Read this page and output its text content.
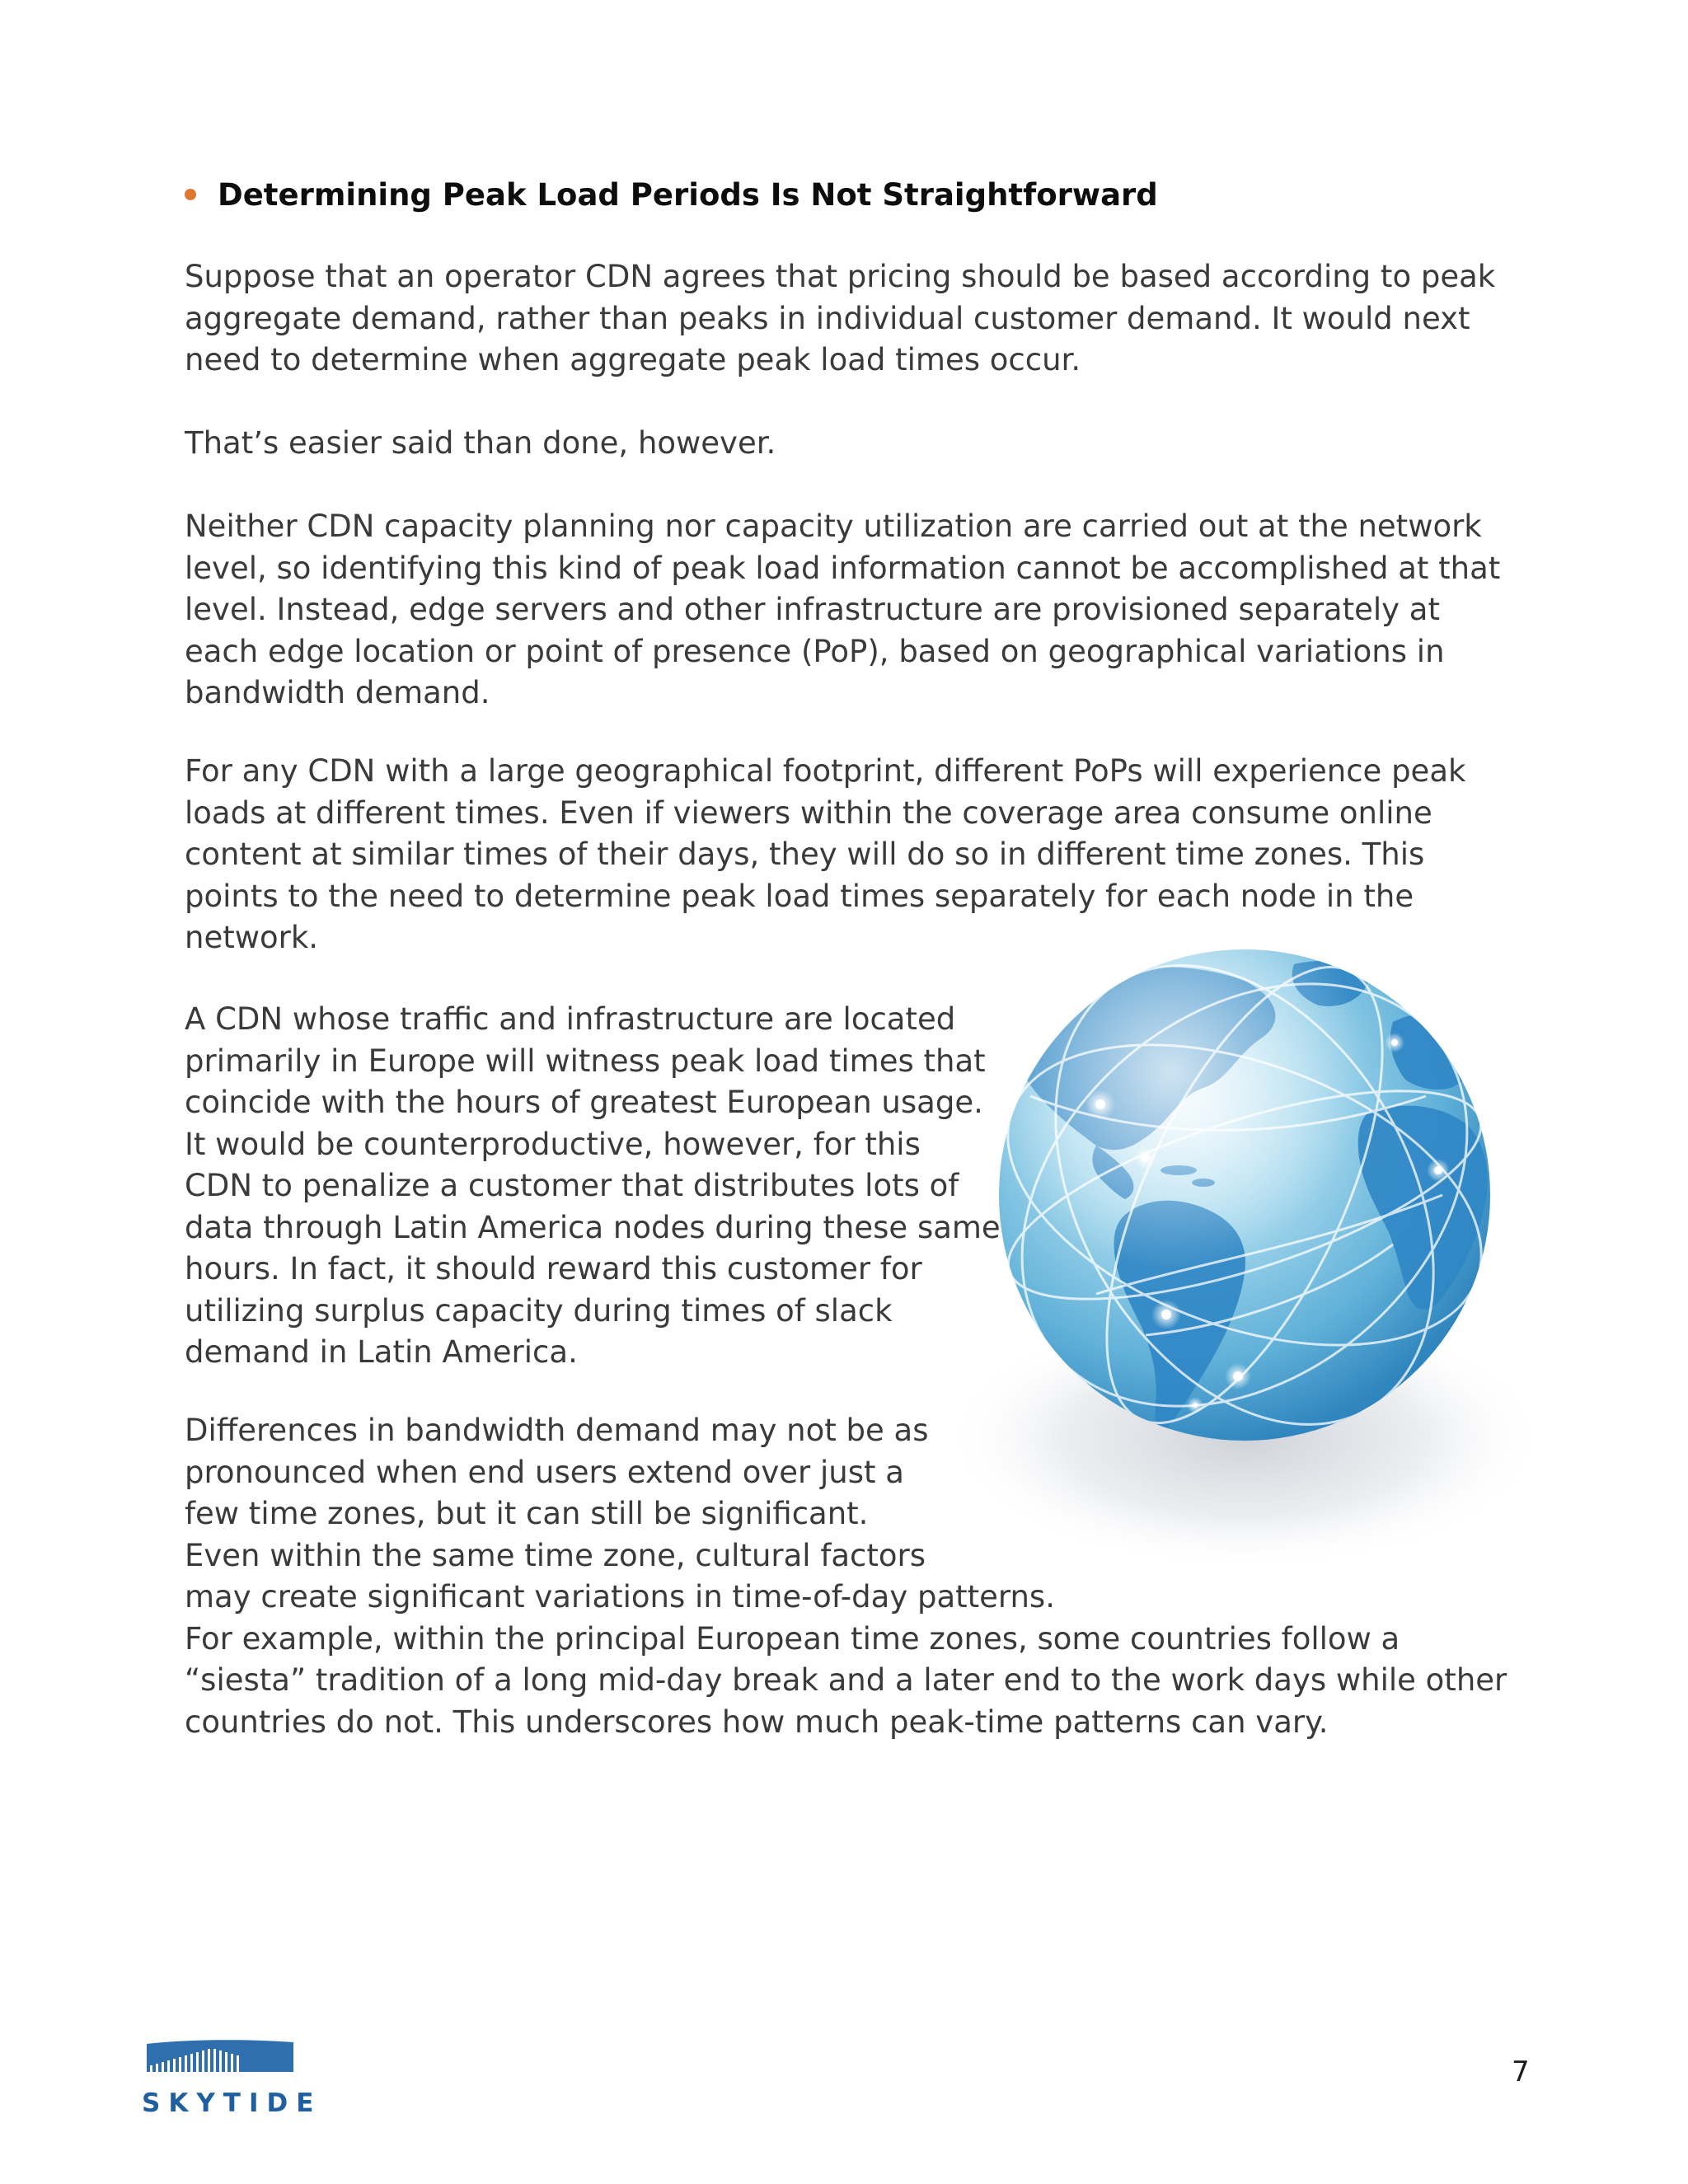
Determining Peak Load Periods Is Not Straightforward
Suppose that an operator CDN agrees that pricing should be based according to peak
aggregate demand, rather than peaks in individual customer demand. It would next
need to determine when aggregate peak load times occur.
That’s easier said than done, however.
Neither CDN capacity planning nor capacity utilization are carried out at the network
level, so identifying this kind of peak load information cannot be accomplished at that
level. Instead, edge servers and other infrastructure are provisioned separately at
each edge location or point of presence (PoP), based on geographical variations in
bandwidth demand.
For any CDN with a large geographical footprint, different PoPs will experience peak
loads at different times. Even if viewers within the coverage area consume online
content at similar times of their days, they will do so in different time zones. This
points to the need to determine peak load times separately for each node in the
network.
A CDN whose traffic and infrastructure are located
primarily in Europe will witness peak load times that
coincide with the hours of greatest European usage.
It would be counterproductive, however, for this
CDN to penalize a customer that distributes lots of
data through Latin America nodes during these same
hours. In fact, it should reward this customer for
utilizing surplus capacity during times of slack
demand in Latin America.
Differences in bandwidth demand may not be as
pronounced when end users extend over just a
few time zones, but it can still be significant.
Even within the same time zone, cultural factors
may create significant variations in time-of-day patterns.
For example, within the principal European time zones, some countries follow a
“siesta” tradition of a long mid-day break and a later end to the work days while other
countries do not. This underscores how much peak-time patterns can vary.
SKYTIDE
7
